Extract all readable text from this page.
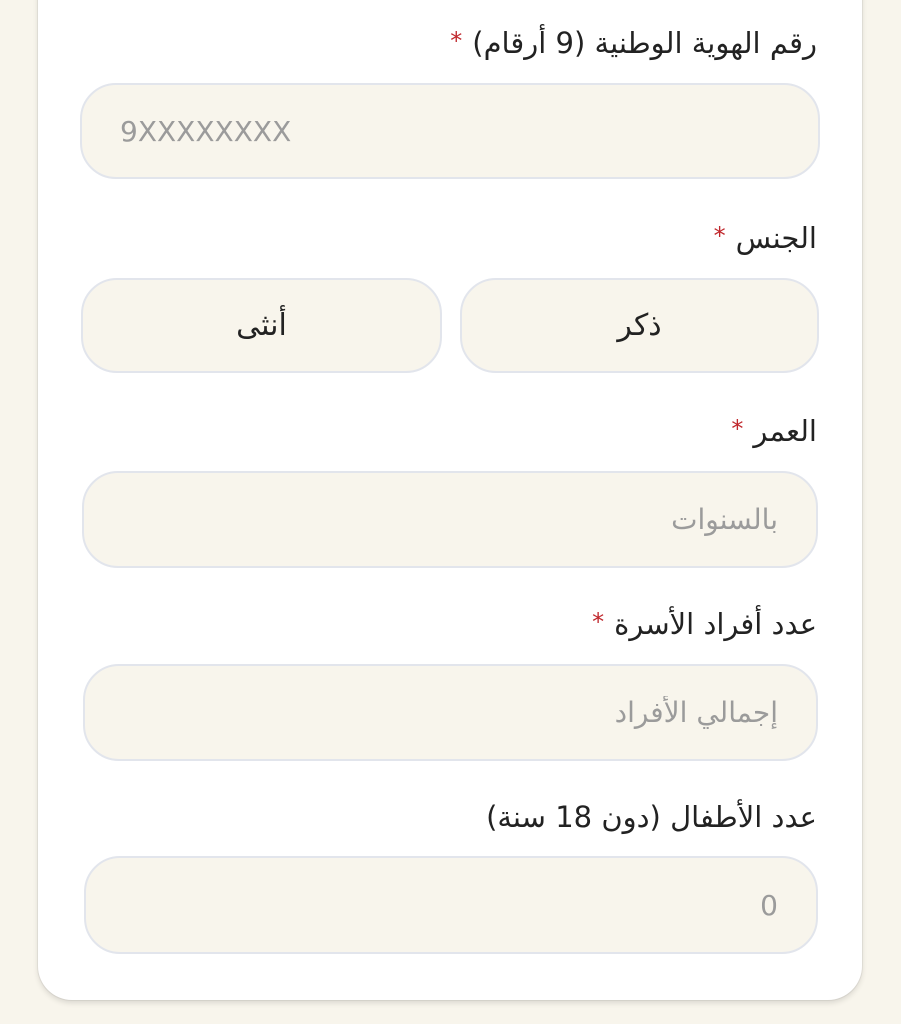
رقم الهوية الوطنية (9 أرقام)*
9XXXXXXXX
الجنس*
ذكر
أنثى
العمر*
بالسنوات
عدد أفراد الأسرة*
إجمالي الأفراد
عدد الأطفال (دون 18 سنة)
0
